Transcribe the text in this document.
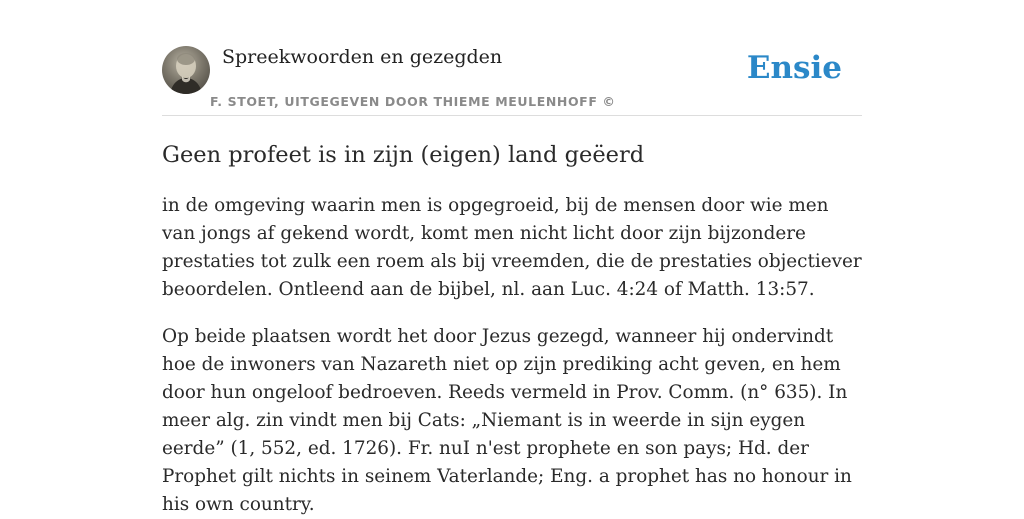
Spreekwoorden en gezegden
F. STOET, UITGEGEVEN DOOR THIEME MEULENHOFF ©
Ensie
Geen profeet is in zijn (eigen) land geëerd

in de omgeving waarin men is opgegroeid, bij de mensen door wie men van jongs af gekend wordt, komt men nicht licht door zijn bijzondere prestaties tot zulk een roem als bij vreemden, die de prestaties objectiever beoordelen. Ontleend aan de bijbel, nl. aan Luc. 4:24 of Matth. 13:57.

Op beide plaatsen wordt het door Jezus gezegd, wanneer hij ondervindt hoe de inwoners van Nazareth niet op zijn prediking acht geven, en hem door hun ongeloof bedroeven. Reeds vermeld in Prov. Comm. (n° 635). In meer alg. zin vindt men bij Cats: „Niemant is in weerde in sijn eygen eerde” (1, 552, ed. 1726). Fr. nuI n'est prophete en son pays; Hd. der Prophet gilt nichts in seinem Vaterlande; Eng. a prophet has no honour in his own country.
